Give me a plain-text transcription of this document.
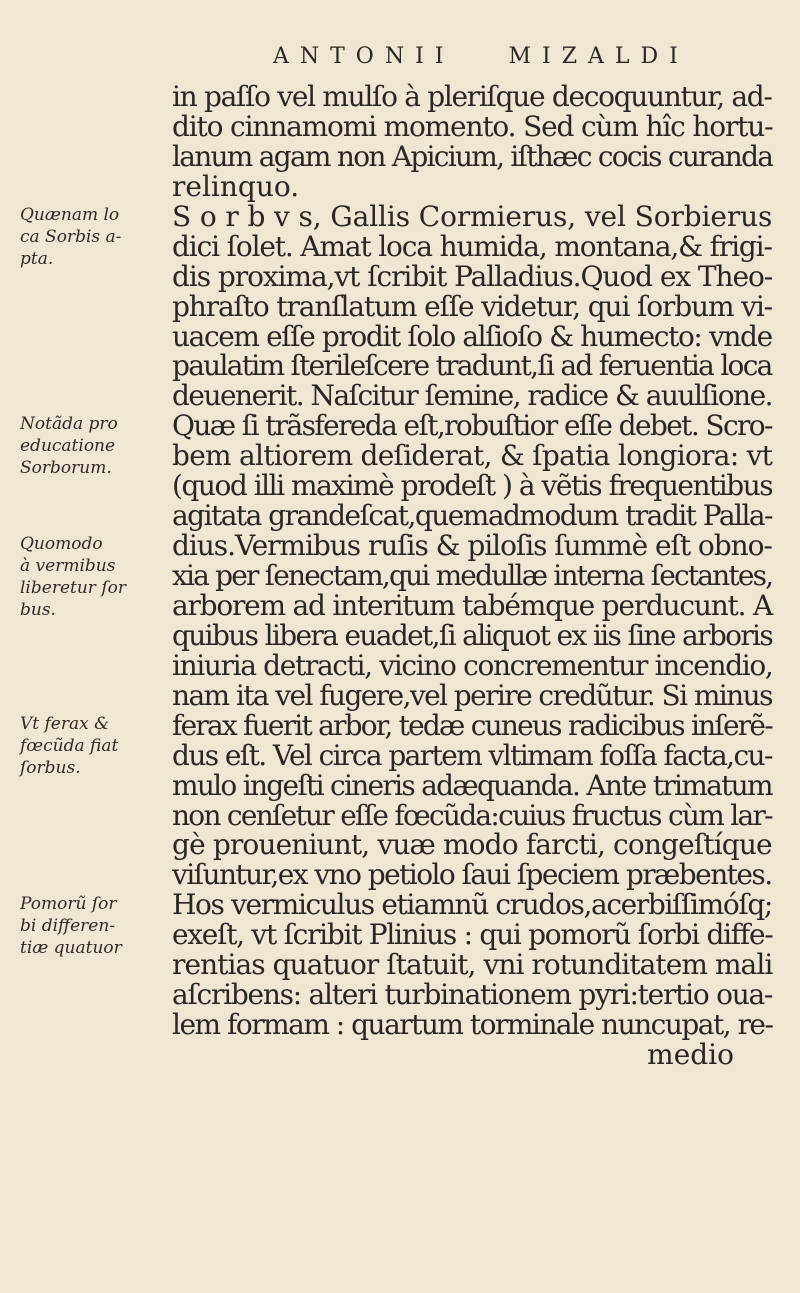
ANTONII MIZALDI
in paſſo vel mulſo à pleriſque decoquuntur, ad-
dito cinnamomi momento. Sed cùm hîc hortu-
lanum agam non Apicium, iſthæc cocis curanda
relinquo.
S o r b v s, Gallis Cormierus, vel Sorbierus
dici ſolet. Amat loca humida, montana,& frigi-
dis proxima,vt ſcribit Palladius.Quod ex Theo-
phraſto tranſlatum eſſe videtur, qui ſorbum vi-
uacem eſſe prodit ſolo alſioſo & humecto: vnde
paulatim ſterileſcere tradunt,ſi ad feruentia loca
deuenerit. Naſcitur ſemine, radice & auulſione.
Quæ ſi trãsfereda eſt,robuſtior eſſe debet. Scro-
bem altiorem deſiderat, & ſpatia longiora: vt
(quod illi maximè prodeſt ) à vẽtis frequentibus
agitata grandeſcat,quemadmodum tradit Palla-
dius.Vermibus ruſis & piloſis ſummè eſt obno-
xia per ſenectam,qui medullæ interna ſectantes,
arborem ad interitum tabémque perducunt. A
quibus libera euadet,ſi aliquot ex iis ſine arboris
iniuria detracti, vicino concrementur incendio,
nam ita vel fugere,vel perire credũtur. Si minus
ferax fuerit arbor, tedæ cuneus radicibus inſerẽ-
dus eſt. Vel circa partem vltimam foſſa facta,cu-
mulo ingeſti cineris adæquanda. Ante trimatum
non cenſetur eſſe fœcũda:cuius fructus cùm lar-
gè proueniunt, vuæ modo farcti, congeſtíque
viſuntur,ex vno petiolo ſaui ſpeciem præbentes.
Hos vermiculus etiamnũ crudos,acerbiſſimóſq;
exeſt, vt ſcribit Plinius : qui pomorũ ſorbi diffe-
rentias quatuor ſtatuit, vni rotunditatem mali
aſcribens: alteri turbinationem pyri:tertio oua-
lem formam : quartum torminale nuncupat, re-
medio
Quænam lo
ca Sorbis a-
pta.
Notãda pro
educatione
Sorborum.
Quomodo
à vermibus
liberetur ſor
bus.
Vt ferax &
fœcũda fiat
ſorbus.
Pomorũ ſor
bi differen-
tiæ quatuor
